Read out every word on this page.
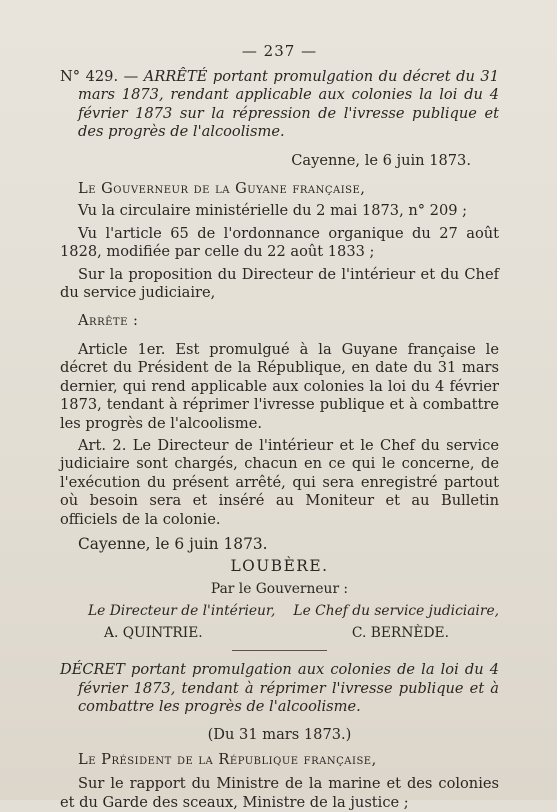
— 237 —

N° 429. — ARRÊTÉ portant promulgation du décret du 31 mars 1873, rendant applicable aux colonies la loi du 4 février 1873 sur la répression de l'ivresse publique et des progrès de l'alcoolisme.

Cayenne, le 6 juin 1873.

Le Gouverneur de la Guyane française,

Vu la circulaire ministérielle du 2 mai 1873, n° 209 ;

Vu l'article 65 de l'ordonnance organique du 27 août 1828, modifiée par celle du 22 août 1833 ;

Sur la proposition du Directeur de l'intérieur et du Chef du service judiciaire,

Arrête :

Article 1er. Est promulgué à la Guyane française le décret du Président de la République, en date du 31 mars dernier, qui rend applicable aux colonies la loi du 4 février 1873, tendant à réprimer l'ivresse publique et à combattre les progrès de l'alcoolisme.

Art. 2. Le Directeur de l'intérieur et le Chef du service judiciaire sont chargés, chacun en ce qui le concerne, de l'exécution du présent arrêté, qui sera enregistré partout où besoin sera et inséré au Moniteur et au Bulletin officiels de la colonie.

Cayenne, le 6 juin 1873.

LOUBÈRE.

Par le Gouverneur :

Le Directeur de l'intérieur, Le Chef du service judiciaire,
A. QUINTRIE.	C. BERNÈDE.

DÉCRET portant promulgation aux colonies de la loi du 4 février 1873, tendant à réprimer l'ivresse publique et à combattre les progrès de l'alcoolisme.

(Du 31 mars 1873.)

Le Président de la République française,

Sur le rapport du Ministre de la marine et des colonies et du Garde des sceaux, Ministre de la justice ;
